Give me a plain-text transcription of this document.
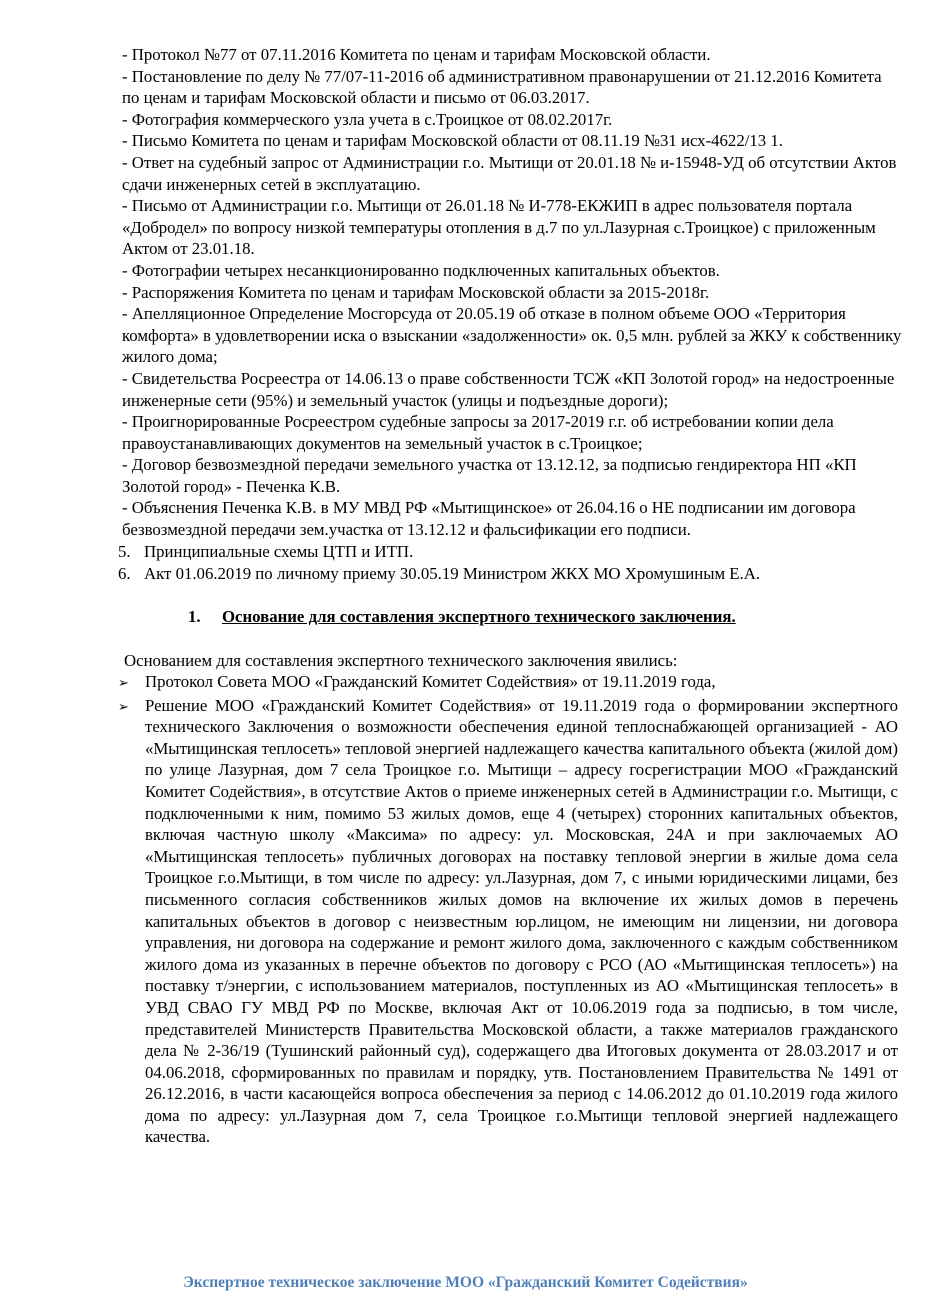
- Протокол №77 от 07.11.2016 Комитета по ценам и тарифам Московской области.

- Постановление по делу № 77/07-11-2016 об административном правонарушении от 21.12.2016 Комитета по ценам и тарифам Московской области и письмо от 06.03.2017.

- Фотография коммерческого узла учета в с.Троицкое от 08.02.2017г.

- Письмо Комитета по ценам и тарифам Московской области от 08.11.19 №31 исх-4622/13 1.

- Ответ на судебный запрос от Администрации г.о. Мытищи от 20.01.18 № и-15948-УД об отсутствии Актов сдачи инженерных сетей в эксплуатацию.

- Письмо от Администрации г.о. Мытищи от 26.01.18 № И-778-ЕКЖИП в адрес пользователя портала «Добродел» по вопросу низкой температуры отопления в д.7 по ул.Лазурная с.Троицкое) с приложенным Актом от 23.01.18.

- Фотографии четырех несанкционированно подключенных капитальных объектов.

- Распоряжения Комитета по ценам и тарифам Московской области за 2015-2018г.

- Апелляционное Определение Мосгорсуда от 20.05.19 об отказе в полном объеме ООО «Территория комфорта» в удовлетворении иска о взыскании «задолженности» ок. 0,5 млн. рублей за ЖКУ к собственнику жилого дома;

- Свидетельства Росреестра от 14.06.13 о праве собственности ТСЖ «КП Золотой город» на недостроенные инженерные сети (95%) и земельный участок (улицы и подъездные дороги);

- Проигнорированные Росреестром судебные запросы за 2017-2019 г.г. об истребовании копии дела правоустанавливающих документов на земельный участок в с.Троицкое;

- Договор безвозмездной передачи земельного участка от 13.12.12, за подписью гендиректора НП «КП Золотой город» - Печенка К.В.

- Объяснения Печенка К.В. в МУ МВД РФ «Мытищинское» от 26.04.16 о НЕ подписании им договора безвозмездной передачи зем.участка от 13.12.12 и фальсификации его подписи.

5. Принципиальные схемы ЦТП и ИТП.
6. Акт 01.06.2019 по личному приему 30.05.19 Министром ЖКХ МО Хромушиным Е.А.
1. Основание для составления экспертного технического заключения.
Основанием для составления экспертного технического заключения явились:
➢ Протокол Совета МОО «Гражданский Комитет Содействия» от 19.11.2019 года,
➢ Решение МОО «Гражданский Комитет Содействия» от 19.11.2019 года о формировании экспертного технического Заключения о возможности обеспечения единой теплоснабжающей организацией - АО «Мытищинская теплосеть» тепловой энергией надлежащего качества капитального объекта (жилой дом) по улице Лазурная, дом 7 села Троицкое г.о. Мытищи – адресу госрегистрации МОО «Гражданский Комитет Содействия», в отсутствие Актов о приеме инженерных сетей в Администрации г.о. Мытищи, с подключенными к ним, помимо 53 жилых домов, еще 4 (четырех) сторонних капитальных объектов, включая частную школу «Максима» по адресу: ул. Московская, 24А и при заключаемых АО «Мытищинская теплосеть» публичных договорах на поставку тепловой энергии в жилые дома села Троицкое г.о.Мытищи, в том числе по адресу: ул.Лазурная, дом 7, с иными юридическими лицами, без письменного согласия собственников жилых домов на включение их жилых домов в перечень капитальных объектов в договор с неизвестным юр.лицом, не имеющим ни лицензии, ни договора управления, ни договора на содержание и ремонт жилого дома, заключенного с каждым собственником жилого дома из указанных в перечне объектов по договору с РСО (АО «Мытищинская теплосеть») на поставку т/энергии, с использованием материалов, поступленных из АО «Мытищинская теплосеть» в УВД СВАО ГУ МВД РФ по Москве, включая Акт от 10.06.2019 года за подписью, в том числе, представителей Министерств Правительства Московской области, а также материалов гражданского дела № 2-36/19 (Тушинский районный суд), содержащего два Итоговых документа от 28.03.2017 и от 04.06.2018, сформированных по правилам и порядку, утв. Постановлением Правительства № 1491 от 26.12.2016, в части касающейся вопроса обеспечения за период с 14.06.2012 до 01.10.2019 года жилого дома по адресу: ул.Лазурная дом 7, села Троицкое г.о.Мытищи тепловой энергией надлежащего качества.
Экспертное техническое заключение МОО «Гражданский Комитет Содействия»
